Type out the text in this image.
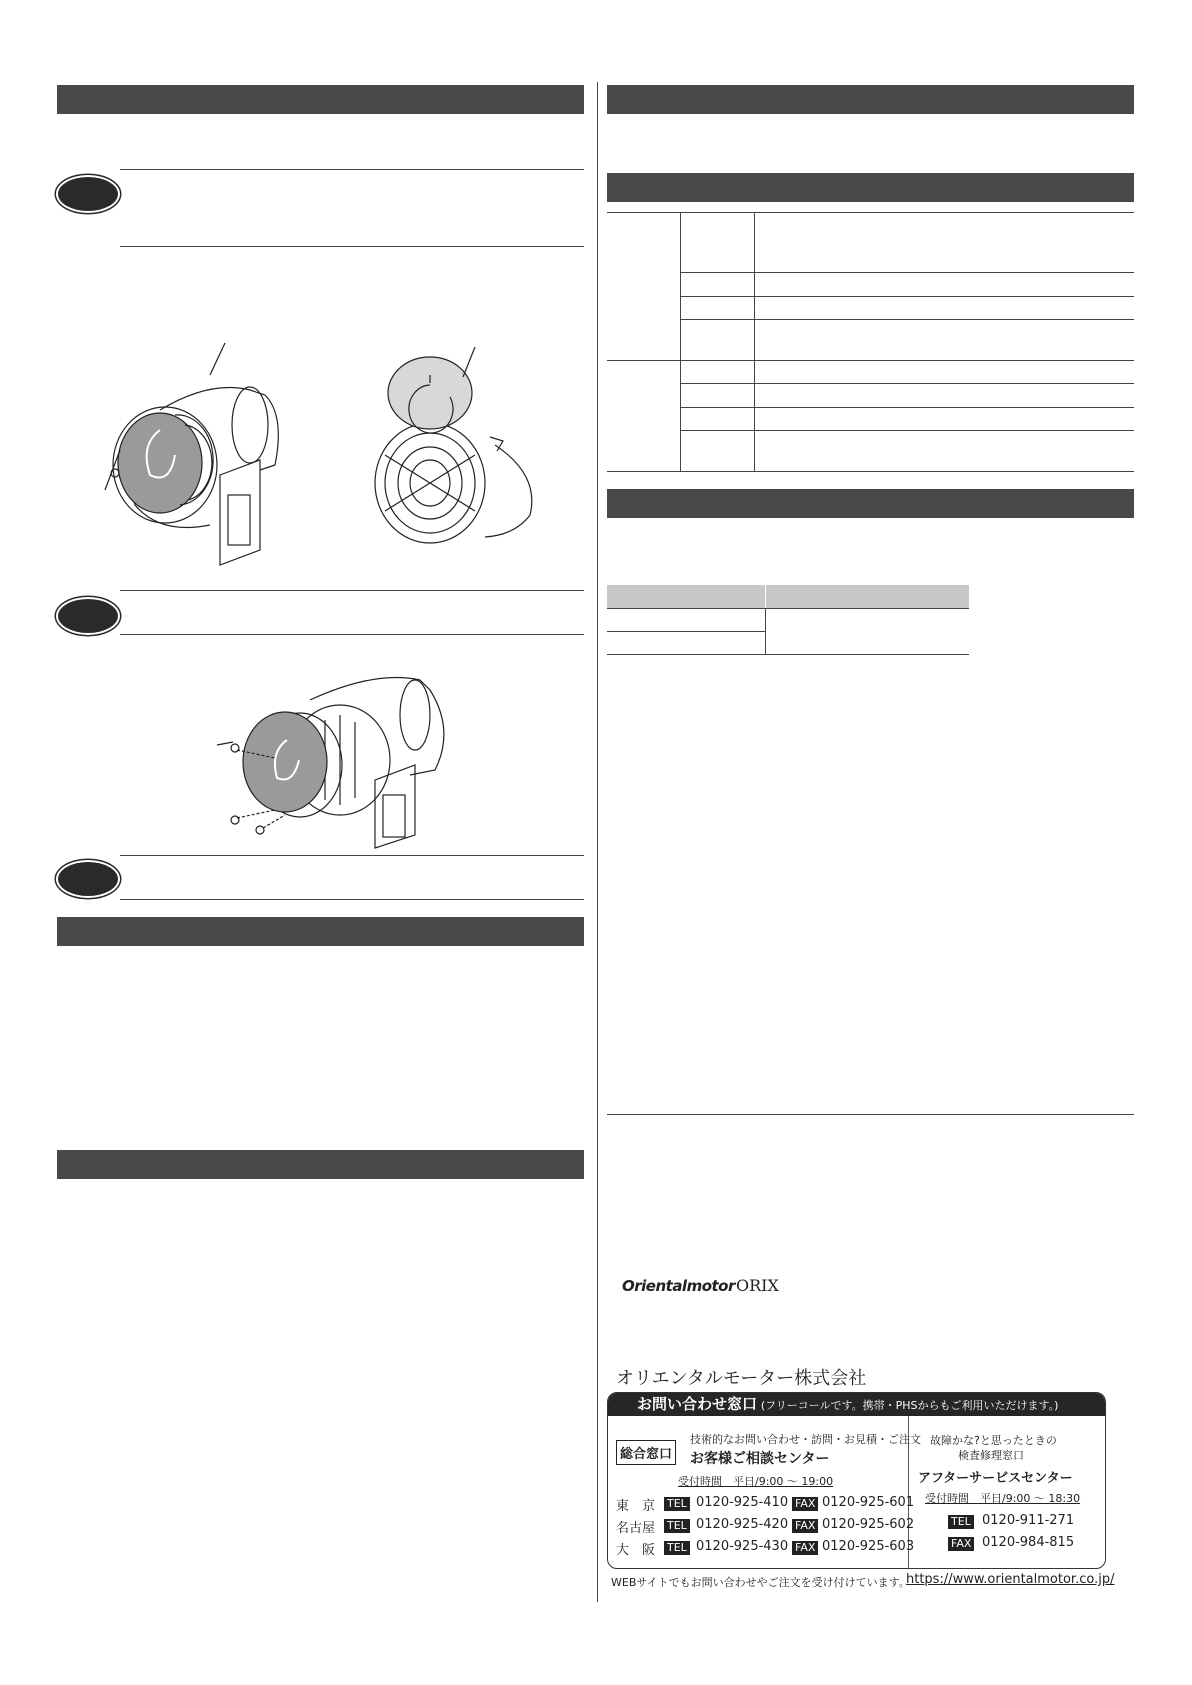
Orientalmotor ORIX
オリエンタルモーター株式会社
お問い合わせ窓口 (フリーコールです。携帯・PHSからもご利用いただけます。)
総合窓口
技術的なお問い合わせ・訪問・お見積・ご注文
お客様ご相談センター
受付時間　平日/9:00 ～ 19:00
東　京 TEL 0120-925-410 FAX 0120-925-601
名古屋 TEL 0120-925-420 FAX 0120-925-602
大　阪 TEL 0120-925-430 FAX 0120-925-603
故障かな?と思ったときの
検査修理窓口
アフターサービスセンター
受付時間　平日/9:00 ～ 18:30
TEL 0120-911-271
FAX 0120-984-815
WEBサイトでもお問い合わせやご注文を受け付けています。
https://www.orientalmotor.co.jp/
